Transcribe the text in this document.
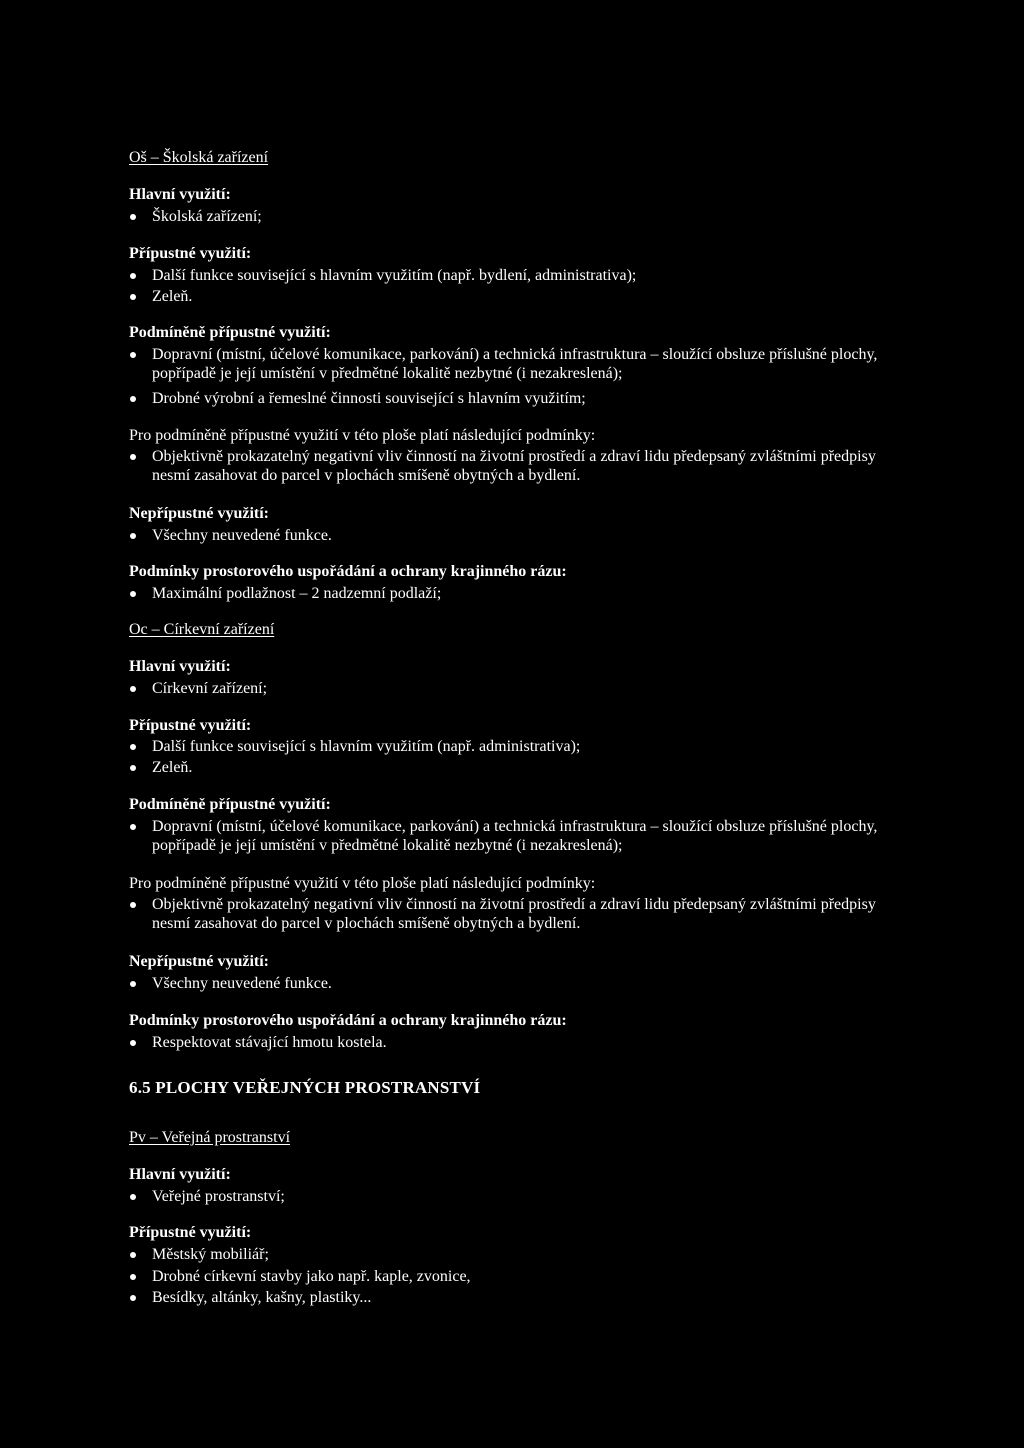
Oš – Školská zařízení
Hlavní využití:
Školská zařízení;
Přípustné využití:
Další funkce související s hlavním využitím (např. bydlení, administrativa);
Zeleň.
Podmíněně přípustné využití:
Dopravní (místní, účelové komunikace, parkování) a technická infrastruktura – sloužící obsluze příslušné plochy, popřípadě je její umístění v předmětné lokalitě nezbytné (i nezakreslená);
Drobné výrobní a řemeslné činnosti související s hlavním využitím;
Pro podmíněně přípustné využití v této ploše platí následující podmínky:
Objektivně prokazatelný negativní vliv činností na životní prostředí a zdraví lidu předepsaný zvláštními předpisy nesmí zasahovat do parcel v plochách smíšeně obytných a bydlení.
Nepřípustné využití:
Všechny neuvedené funkce.
Podmínky prostorového uspořádání a ochrany krajinného rázu:
Maximální podlažnost – 2 nadzemní podlaží;
Oc – Církevní zařízení
Hlavní využití:
Církevní zařízení;
Přípustné využití:
Další funkce související s hlavním využitím (např. administrativa);
Zeleň.
Podmíněně přípustné využití:
Dopravní (místní, účelové komunikace, parkování) a technická infrastruktura – sloužící obsluze příslušné plochy, popřípadě je její umístění v předmětné lokalitě nezbytné (i nezakreslená);
Pro podmíněně přípustné využití v této ploše platí následující podmínky:
Objektivně prokazatelný negativní vliv činností na životní prostředí a zdraví lidu předepsaný zvláštními předpisy nesmí zasahovat do parcel v plochách smíšeně obytných a bydlení.
Nepřípustné využití:
Všechny neuvedené funkce.
Podmínky prostorového uspořádání a ochrany krajinného rázu:
Respektovat stávající hmotu kostela.
6.5 PLOCHY VEŘEJNÝCH PROSTRANSTVÍ
Pv – Veřejná prostranství
Hlavní využití:
Veřejné prostranství;
Přípustné využití:
Městský mobiliář;
Drobné církevní stavby jako např. kaple, zvonice,
Besídky, altánky, kašny, plastiky...
